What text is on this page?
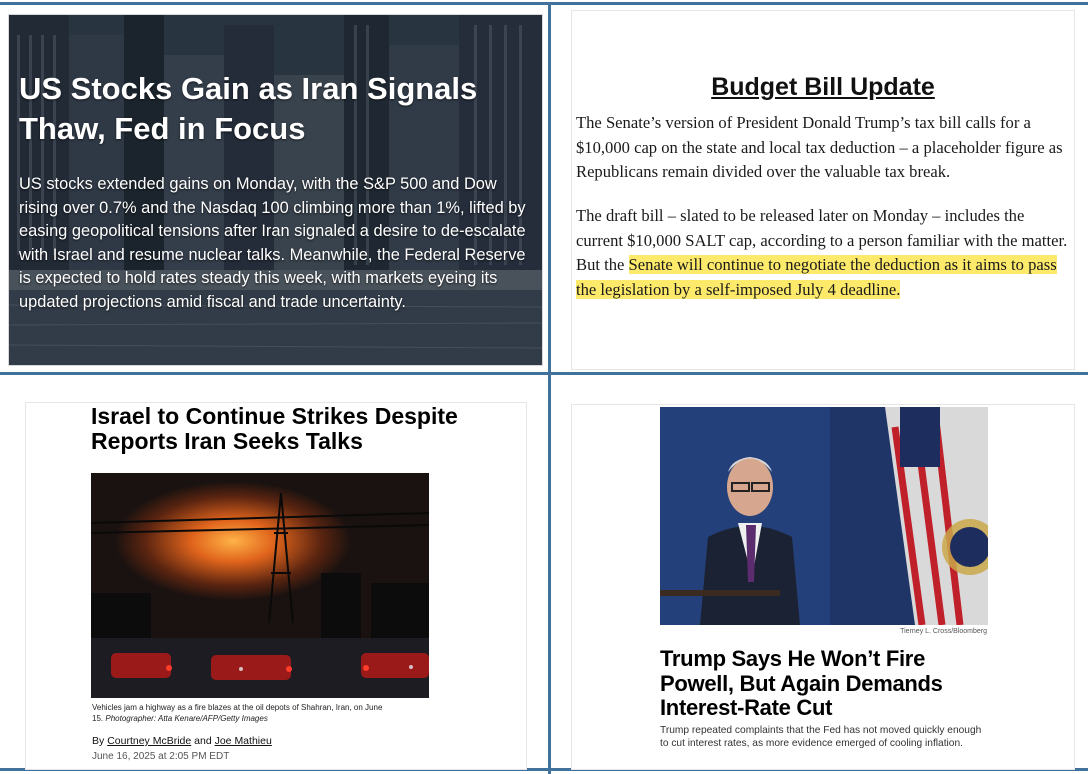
US Stocks Gain as Iran Signals Thaw, Fed in Focus
US stocks extended gains on Monday, with the S&P 500 and Dow rising over 0.7% and the Nasdaq 100 climbing more than 1%, lifted by easing geopolitical tensions after Iran signaled a desire to de-escalate with Israel and resume nuclear talks. Meanwhile, the Federal Reserve is expected to hold rates steady this week, with markets eyeing its updated projections amid fiscal and trade uncertainty.
Budget Bill Update
The Senate’s version of President Donald Trump’s tax bill calls for a $10,000 cap on the state and local tax deduction – a placeholder figure as Republicans remain divided over the valuable tax break.
The draft bill – slated to be released later on Monday – includes the current $10,000 SALT cap, according to a person familiar with the matter. But the Senate will continue to negotiate the deduction as it aims to pass the legislation by a self-imposed July 4 deadline.
Israel to Continue Strikes Despite Reports Iran Seeks Talks
Vehicles jam a highway as a fire blazes at the oil depots of Shahran, Iran, on June 15. Photographer: Atta Kenare/AFP/Getty Images
By Courtney McBride and Joe Mathieu
June 16, 2025 at 2:05 PM EDT
Tierney L. Cross/Bloomberg
Trump Says He Won’t Fire Powell, But Again Demands Interest-Rate Cut
Trump repeated complaints that the Fed has not moved quickly enough to cut interest rates, as more evidence emerged of cooling inflation.
